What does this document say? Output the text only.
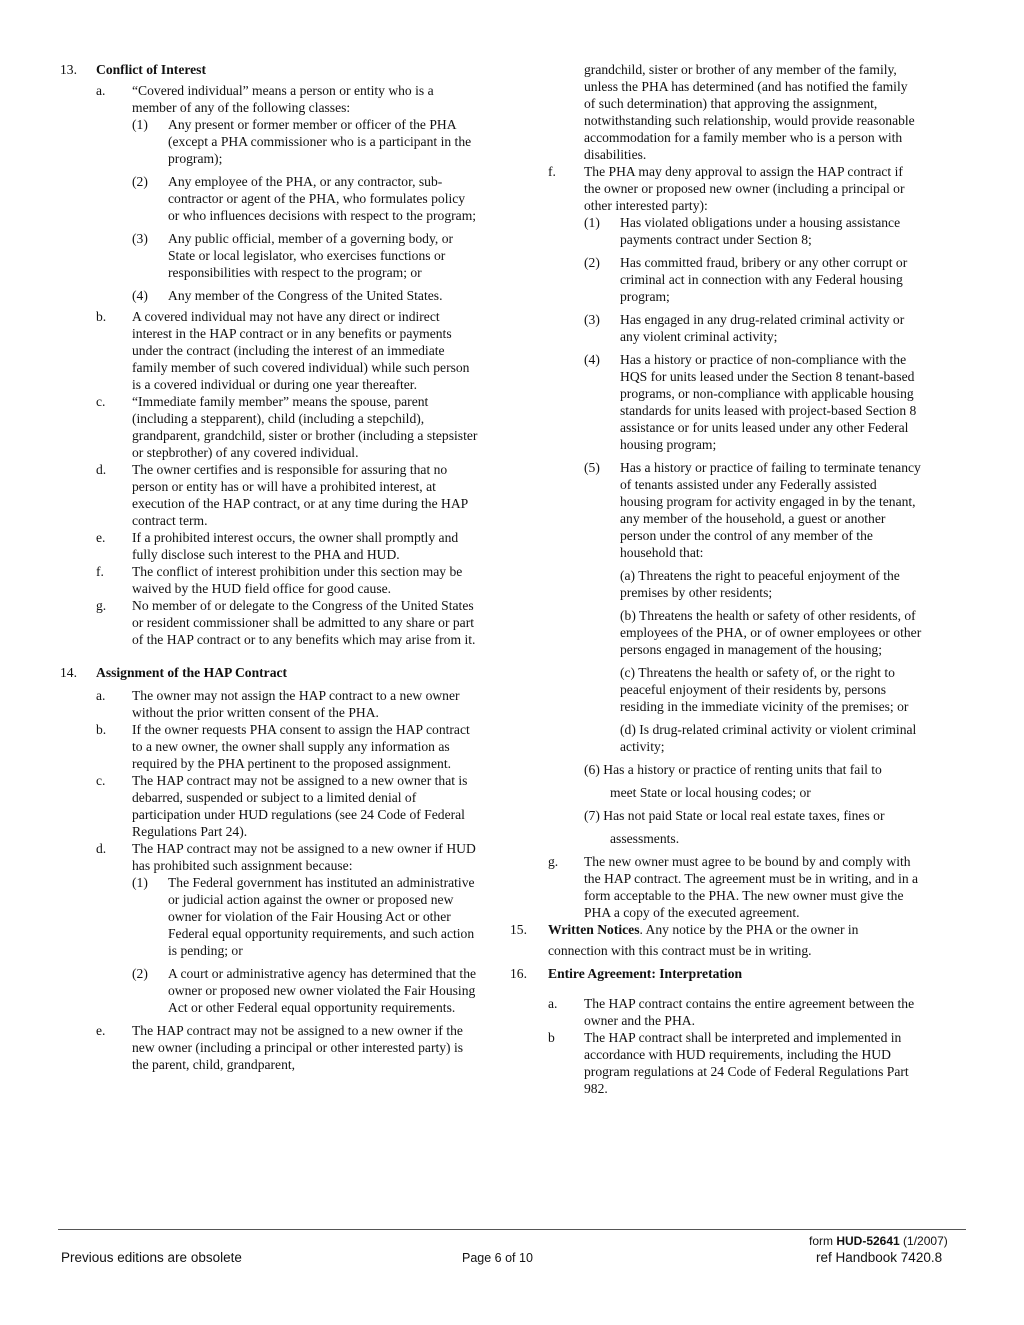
13. Conflict of Interest
a. “Covered individual” means a person or entity who is a member of any of the following classes:
(1) Any present or former member or officer of the PHA (except a PHA commissioner who is a participant in the program);
(2) Any employee of the PHA, or any contractor, sub-contractor or agent of the PHA, who formulates policy or who influences decisions with respect to the program;
(3) Any public official, member of a governing body, or State or local legislator, who exercises functions or responsibilities with respect to the program; or
(4) Any member of the Congress of the United States.
b. A covered individual may not have any direct or indirect interest in the HAP contract or in any benefits or payments under the contract (including the interest of an immediate family member of such covered individual) while such person is a covered individual or during one year thereafter.
c. “Immediate family member” means the spouse, parent (including a stepparent), child (including a stepchild), grandparent, grandchild, sister or brother (including a stepsister or stepbrother) of any covered individual.
d. The owner certifies and is responsible for assuring that no person or entity has or will have a prohibited interest, at execution of the HAP contract, or at any time during the HAP contract term.
e. If a prohibited interest occurs, the owner shall promptly and fully disclose such interest to the PHA and HUD.
f. The conflict of interest prohibition under this section may be waived by the HUD field office for good cause.
g. No member of or delegate to the Congress of the United States or resident commissioner shall be admitted to any share or part of the HAP contract or to any benefits which may arise from it.
14. Assignment of the HAP Contract
a. The owner may not assign the HAP contract to a new owner without the prior written consent of the PHA.
b. If the owner requests PHA consent to assign the HAP contract to a new owner, the owner shall supply any information as required by the PHA pertinent to the proposed assignment.
c. The HAP contract may not be assigned to a new owner that is debarred, suspended or subject to a limited denial of participation under HUD regulations (see 24 Code of Federal Regulations Part 24).
d. The HAP contract may not be assigned to a new owner if HUD has prohibited such assignment because:
(1) The Federal government has instituted an administrative or judicial action against the owner or proposed new owner for violation of the Fair Housing Act or other Federal equal opportunity requirements, and such action is pending; or
(2) A court or administrative agency has determined that the owner or proposed new owner violated the Fair Housing Act or other Federal equal opportunity requirements.
e. The HAP contract may not be assigned to a new owner if the new owner (including a principal or other interested party) is the parent, child, grandparent,
grandchild, sister or brother of any member of the family, unless the PHA has determined (and has notified the family of such determination) that approving the assignment, notwithstanding such relationship, would provide reasonable accommodation for a family member who is a person with disabilities.
f. The PHA may deny approval to assign the HAP contract if the owner or proposed new owner (including a principal or other interested party):
(1) Has violated obligations under a housing assistance payments contract under Section 8;
(2) Has committed fraud, bribery or any other corrupt or criminal act in connection with any Federal housing program;
(3) Has engaged in any drug-related criminal activity or any violent criminal activity;
(4) Has a history or practice of non-compliance with the HQS for units leased under the Section 8 tenant-based programs, or non-compliance with applicable housing standards for units leased with project-based Section 8 assistance or for units leased under any other Federal housing program;
(5) Has a history or practice of failing to terminate tenancy of tenants assisted under any Federally assisted housing program for activity engaged in by the tenant, any member of the household, a guest or another person under the control of any member of the household that:
(a) Threatens the right to peaceful enjoyment of the premises by other residents;
(b) Threatens the health or safety of other residents, of employees of the PHA, or of owner employees or other persons engaged in management of the housing;
(c) Threatens the health or safety of, or the right to peaceful enjoyment of their residents by, persons residing in the immediate vicinity of the premises; or
(d) Is drug-related criminal activity or violent criminal activity;
(6) Has a history or practice of renting units that fail to
meet State or local housing codes; or
(7) Has not paid State or local real estate taxes, fines or
assessments.
g. The new owner must agree to be bound by and comply with the HAP contract. The agreement must be in writing, and in a form acceptable to the PHA. The new owner must give the PHA a copy of the executed agreement.
15. Written Notices. Any notice by the PHA or the owner in
connection with this contract must be in writing.
16. Entire Agreement: Interpretation
a. The HAP contract contains the entire agreement between the owner and the PHA.
b The HAP contract shall be interpreted and implemented in accordance with HUD requirements, including the HUD program regulations at 24 Code of Federal Regulations Part 982.
Previous editions are obsolete	Page 6 of 10
form HUD-52641 (1/2007)
ref Handbook 7420.8
